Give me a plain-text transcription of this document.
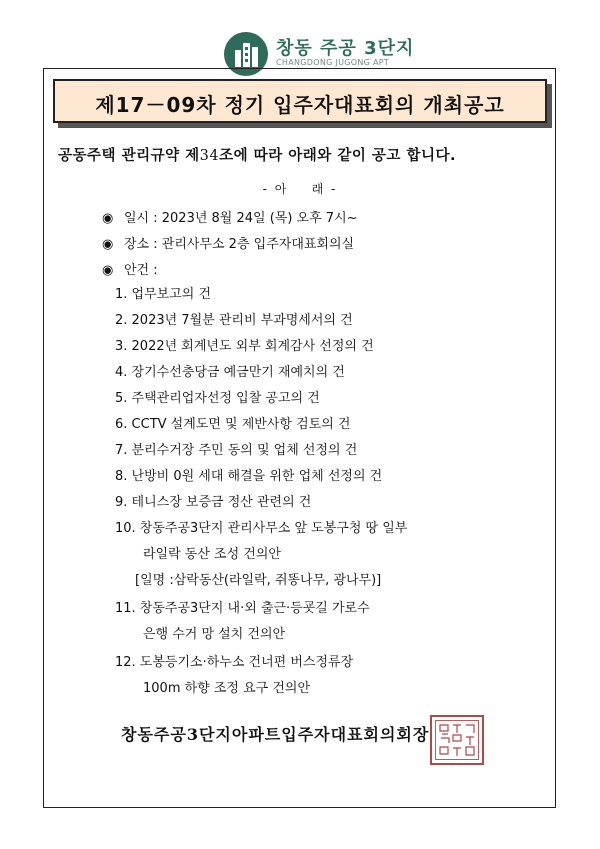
창동 주공 3단지
CHANGDONG JUGONG APT
제17－09차 정기 입주자대표회의 개최공고
공동주택 관리규약 제34조에 따라 아래와 같이 공고 합니다.
- 아    래 -
◉ 일시 : 2023년 8월 24일 (목) 오후 7시~
◉ 장소 : 관리사무소 2층 입주자대표회의실
◉ 안건 :
1. 업무보고의 건
2. 2023년 7월분 관리비 부과명세서의 건
3. 2022년 회계년도 외부 회계감사 선정의 건
4. 장기수선충당금 예금만기 재예치의 건
5. 주택관리업자선정 입찰 공고의 건
6. CCTV 설계도면 및 제반사항 검토의 건
7. 분리수거장 주민 동의 및 업체 선정의 건
8. 난방비 0원 세대 해결을 위한 업체 선정의 건
9. 테니스장 보증금 정산 관련의 건
10. 창동주공3단지 관리사무소 앞 도봉구청 땅 일부
라일락 동산 조성 건의안
[일명 :삼락동산(라일락, 쥐똥나무, 광나무)]
11. 창동주공3단지 내·외 출근·등굣길 가로수
은행 수거 망 설치 건의안
12. 도봉등기소·하누소 건너편 버스정류장
100m 하향 조정 요구 건의안
창동주공3단지아파트입주자대표회의회장
